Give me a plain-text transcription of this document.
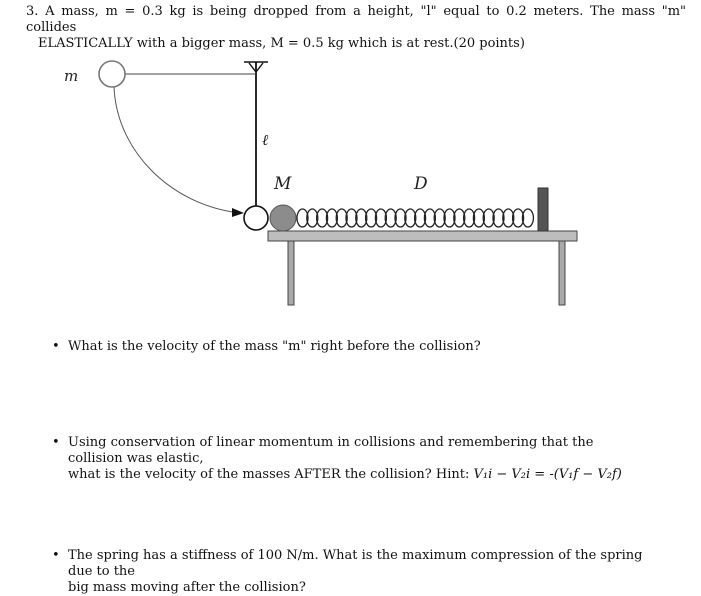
3. A mass, m = 0.3 kg is being dropped from a height, "l" equal to 0.2 meters. The mass "m" collides
ELASTICALLY with a bigger mass, M = 0.5 kg which is at rest.(20 points)
m
ℓ
M	D
• What is the velocity of the mass "m" right before the collision?
• Using conservation of linear momentum in collisions and remembering that the collision was elastic,
what is the velocity of the masses AFTER the collision? Hint: V₁i − V₂i = -(V₁f − V₂f)
• The spring has a stiffness of 100 N/m. What is the maximum compression of the spring due to the
big mass moving after the collision?
